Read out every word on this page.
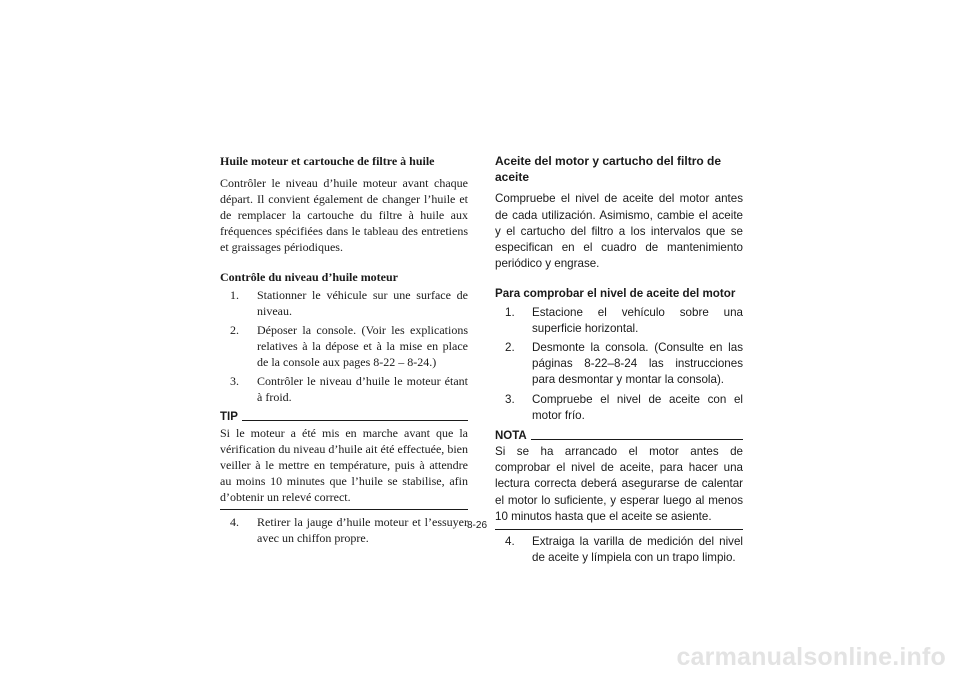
Huile moteur et cartouche de filtre à huile

Contrôler le niveau d’huile moteur avant chaque départ. Il convient également de changer l’huile et de remplacer la cartouche du filtre à huile aux fréquences spécifiées dans le tableau des entretiens et graissages périodiques.

Contrôle du niveau d’huile moteur
1. Stationner le véhicule sur une surface de niveau.
2. Déposer la console. (Voir les explications relatives à la dépose et à la mise en place de la console aux pages 8-22 – 8-24.)
3. Contrôler le niveau d’huile le moteur étant à froid.
TIP

Si le moteur a été mis en marche avant que la vérification du niveau d’huile ait été effectuée, bien veiller à le mettre en température, puis à attendre au moins 10 minutes que l’huile se stabilise, afin d’obtenir un relevé correct.

4. Retirer la jauge d’huile moteur et l’essuyer avec un chiffon propre.
Aceite del motor y cartucho del filtro de aceite

Compruebe el nivel de aceite del motor antes de cada utilización. Asimismo, cambie el aceite y el cartucho del filtro a los intervalos que se especifican en el cuadro de mantenimiento periódico y engrase.

Para comprobar el nivel de aceite del motor
1. Estacione el vehículo sobre una superficie horizontal.
2. Desmonte la consola. (Consulte en las páginas 8-22–8-24 las instrucciones para desmontar y montar la consola).
3. Compruebe el nivel de aceite con el motor frío.
NOTA

Si se ha arrancado el motor antes de comprobar el nivel de aceite, para hacer una lectura correcta deberá asegurarse de calentar el motor lo suficiente, y esperar luego al menos 10 minutos hasta que el aceite se asiente.

4. Extraiga la varilla de medición del nivel de aceite y límpiela con un trapo limpio.
8-26
carmanualsonline.info
